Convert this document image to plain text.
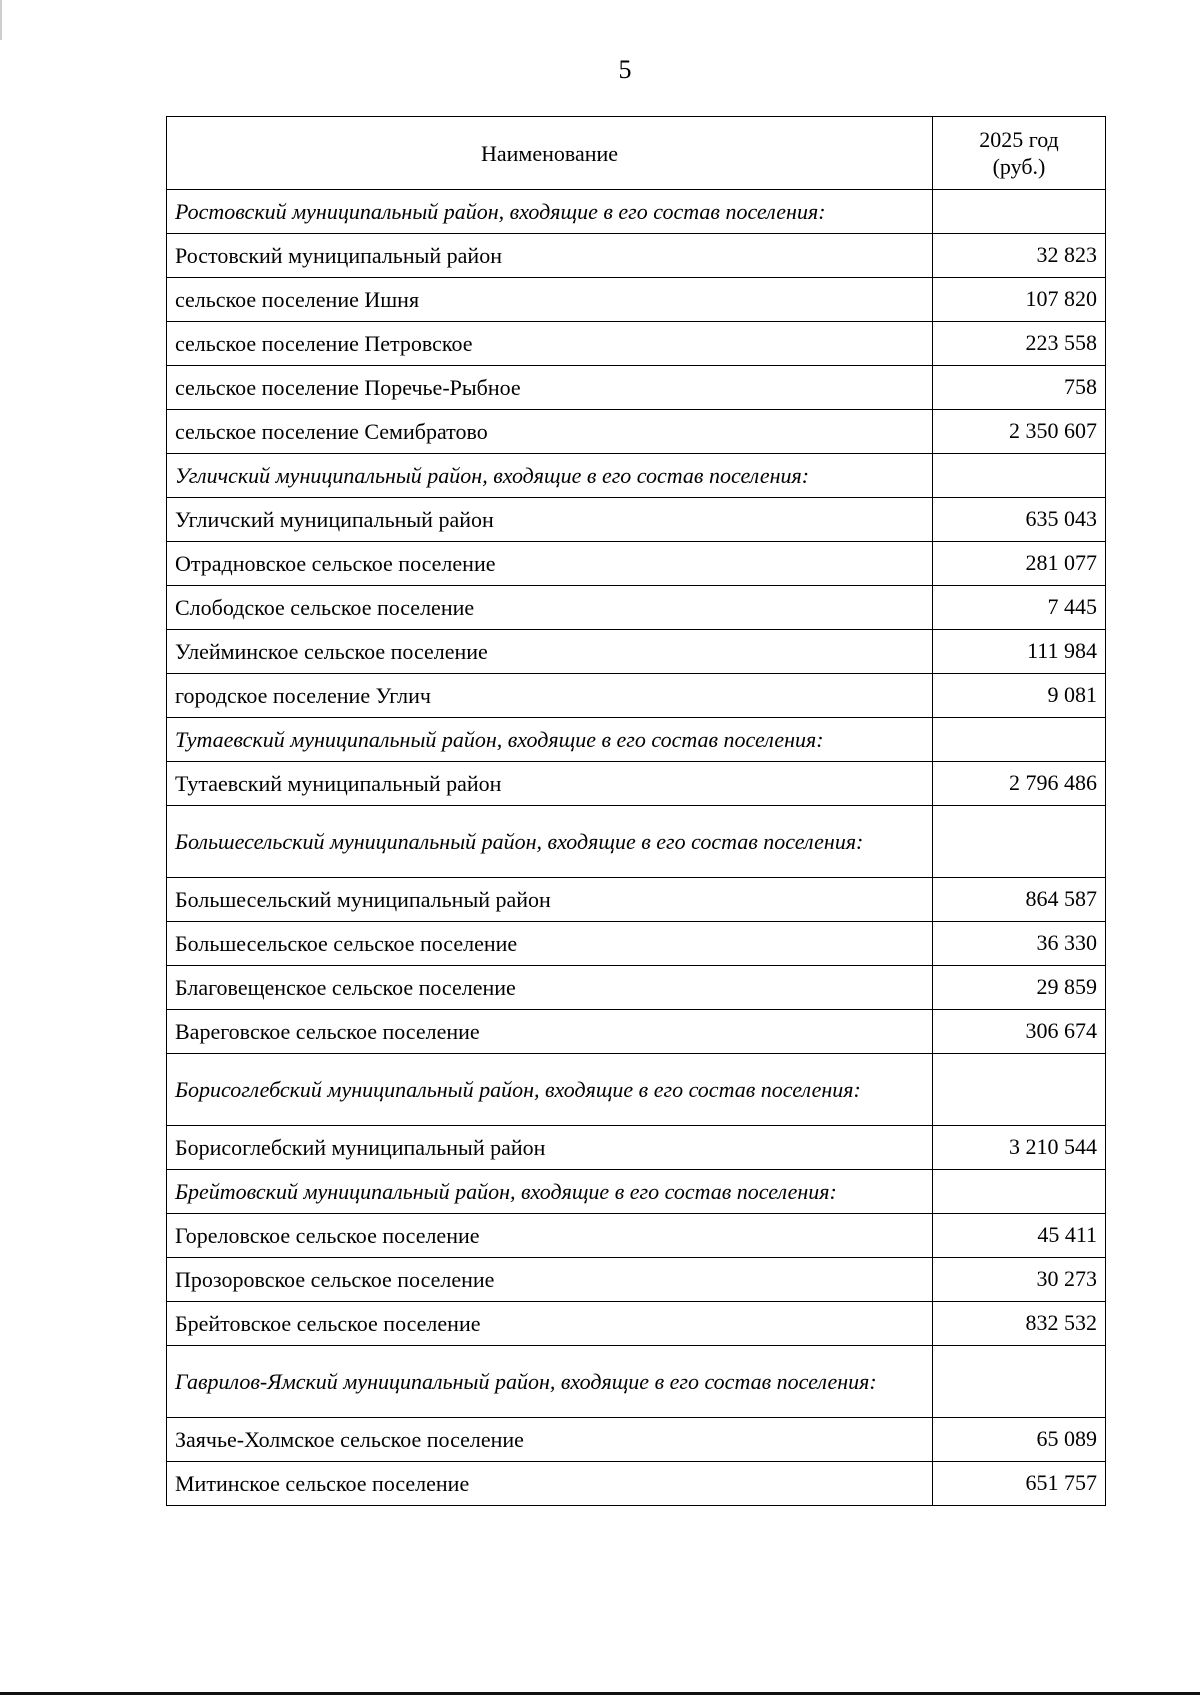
5
Наименование	2025 год
(руб.)
Ростовский муниципальный район, входящие в его состав поселения:	
Ростовский муниципальный район	32 823
сельское поселение Ишня	107 820
сельское поселение Петровское	223 558
сельское поселение Поречье-Рыбное	758
сельское поселение Семибратово	2 350 607
Угличский муниципальный район, входящие в его состав поселения:	
Угличский муниципальный район	635 043
Отрадновское сельское поселение	281 077
Слободское сельское поселение	7 445
Улейминское сельское поселение	111 984
городское поселение Углич	9 081
Тутаевский муниципальный район, входящие в его состав поселения:	
Тутаевский муниципальный район	2 796 486
Большесельский муниципальный район, входящие в его состав поселения:	
Большесельский муниципальный район	864 587
Большесельское сельское поселение	36 330
Благовещенское сельское поселение	29 859
Вареговское сельское поселение	306 674
Борисоглебский муниципальный район, входящие в его состав поселения:	
Борисоглебский муниципальный район	3 210 544
Брейтовский муниципальный район, входящие в его состав поселения:	
Гореловское сельское поселение	45 411
Прозоровское сельское поселение	30 273
Брейтовское сельское поселение	832 532
Гаврилов-Ямский муниципальный район, входящие в его состав поселения:	
Заячье-Холмское сельское поселение	65 089
Митинское сельское поселение	651 757
